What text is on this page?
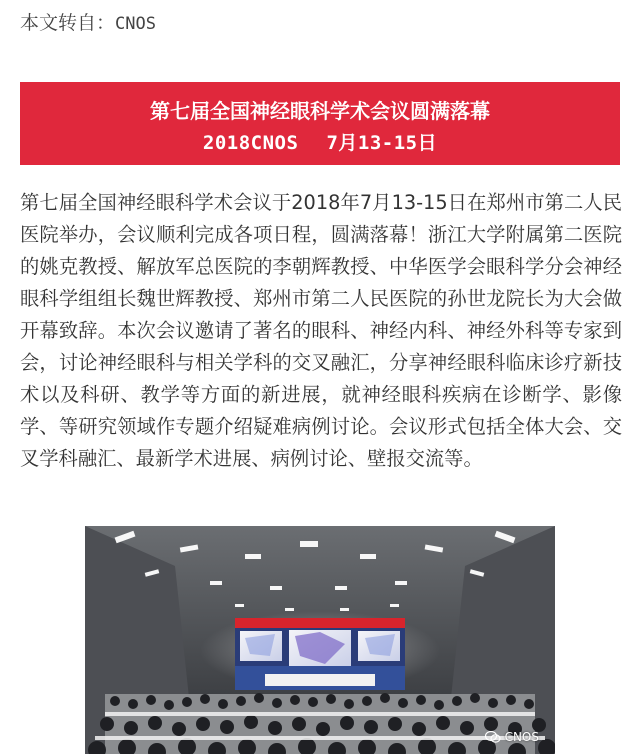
本文转自：CNOS
第七届全国神经眼科学术会议圆满落幕
2018CNOS 7月13-15日
第七届全国神经眼科学术会议于2018年7月13-15日在郑州市第二人民医院举办，会议顺利完成各项日程，圆满落幕！浙江大学附属第二医院的姚克教授、解放军总医院的李朝辉教授、中华医学会眼科学分会神经眼科学组组长魏世辉教授、郑州市第二人民医院的孙世龙院长为大会做开幕致辞。本次会议邀请了著名的眼科、神经内科、神经外科等专家到会，讨论神经眼科与相关学科的交叉融汇，分享神经眼科临床诊疗新技术以及科研、教学等方面的新进展，就神经眼科疾病在诊断学、影像学、等研究领域作专题介绍疑难病例讨论。会议形式包括全体大会、交叉学科融汇、最新学术进展、病例讨论、壁报交流等。
CNOS
